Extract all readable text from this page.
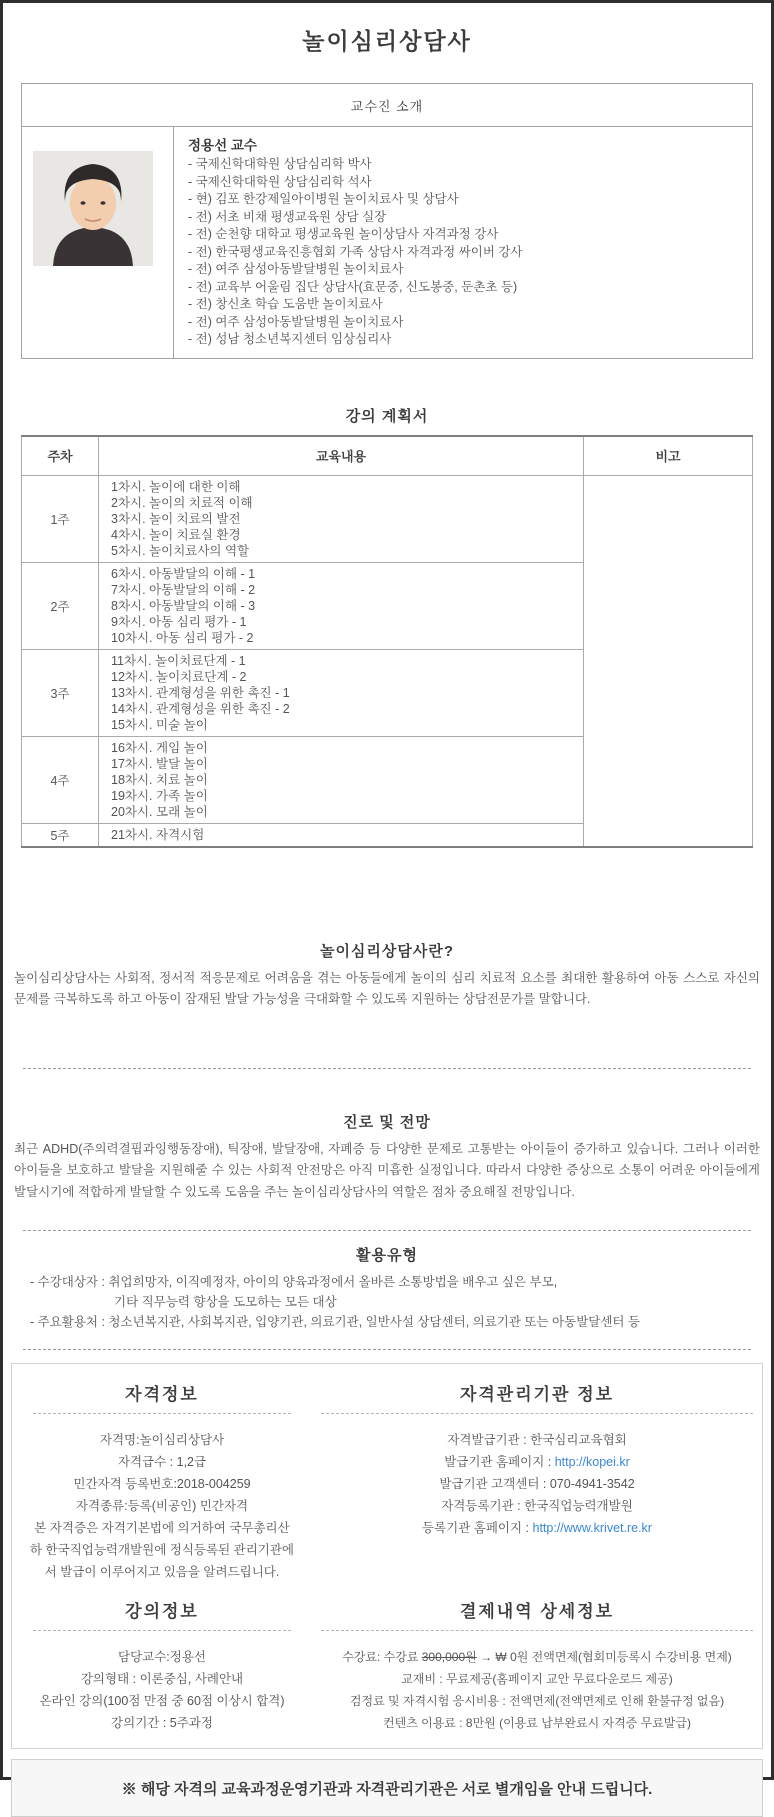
놀이심리상담사
교수진 소개

정용선 교수
- 국제신학대학원 상담심리학 박사
- 국제신학대학원 상담심리학 석사
- 현) 김포 한강제일아이병원 놀이치료사 및 상담사
- 전) 서초 비채 평생교육원 상담 실장
- 전) 순천향 대학교 평생교육원 놀이상담사 자격과정 강사
- 전) 한국평생교육진흥협회 가족 상담사 자격과정 싸이버 강사
- 전) 여주 삼성아동발달병원 놀이치료사
- 전) 교육부 어울림 집단 상담사(효문중, 신도봉중, 둔촌초 등)
- 전) 창신초 학습 도움반 놀이치료사
- 전) 여주 삼성아동발달병원 놀이치료사
- 전) 성남 청소년복지센터 임상심리사
강의 계획서
주차	교육내용	비고
1주	1차시. 놀이에 대한 이해
2차시. 놀이의 치료적 이해
3차시. 놀이 치료의 발전
4차시. 놀이 치료실 환경
5차시. 놀이치료사의 역할	

2주	6차시. 아동발달의 이해 - 1
7차시. 아동발달의 이해 - 2
8차시. 아동발달의 이해 - 3
9차시. 아동 심리 평가 - 1
10차시. 아동 심리 평가 - 2	

3주	11차시. 놀이치료단계 - 1
12차시. 놀이치료단계 - 2
13차시. 관계형성을 위한 촉진 - 1
14차시. 관계형성을 위한 촉진 - 2
15차시. 미술 놀이	

4주	16차시. 게임 놀이
17차시. 발달 놀이
18차시. 치료 놀이
19차시. 가족 놀이
20차시. 모래 놀이	

5주	21차시. 자격시험	
놀이심리상담사란?
놀이심리상담사는 사회적, 정서적 적응문제로 어려움을 겪는 아동들에게 놀이의 심리 치료적 요소를 최대한 활용하여 아동 스스로 자신의 문제를 극복하도록 하고 아동이 잠재된 발달 가능성을 극대화할 수 있도록 지원하는 상담전문가를 말합니다.
진로 및 전망
최근 ADHD(주의력결핍과잉행동장애), 틱장애, 발달장애, 자폐증 등 다양한 문제로 고통받는 아이들이 증가하고 있습니다. 그러나 이러한 아이들을 보호하고 발달을 지원해줄 수 있는 사회적 안전망은 아직 미흡한 실정입니다. 따라서 다양한 증상으로 소통이 어려운 아이들에게 발달시기에 적합하게 발달할 수 있도록 도움을 주는 놀이심리상담사의 역할은 점차 중요해질 전망입니다.
활용유형
- 수강대상자 : 취업희망자, 이직예정자, 아이의 양육과정에서 올바른 소통방법을 배우고 싶은 부모,
기타 직무능력 향상을 도모하는 모든 대상
- 주요활용처 : 청소년복지관, 사회복지관, 입양기관, 의료기관, 일반사설 상담센터, 의료기관 또는 아동발달센터 등
자격정보
자격명:놀이심리상담사
자격급수 : 1,2급
민간자격 등록번호:2018-004259
자격종류:등록(비공인) 민간자격
본 자격증은 자격기본법에 의거하여 국무총리산
하 한국직업능력개발원에 정식등록된 관리기관에
서 발급이 이루어지고 있음을 알려드립니다.
자격관리기관 정보
자격발급기관 : 한국심리교육협회
발급기관 홈페이지 : http://kopei.kr
발급기관 고객센터 : 070-4941-3542
자격등록기관 : 한국직업능력개발원
등록기관 홈페이지 : http://www.krivet.re.kr
강의정보
담당교수:정용선
강의형태 : 이론중심, 사례안내
온라인 강의(100점 만점 중 60점 이상시 합격)
강의기간 : 5주과정
결제내역 상세정보
수강료: 수강료 300,000원 → ₩ 0원 전액면제(협회미등록시 수강비용 면제)
교재비 : 무료제공(홈페이지 교안 무료다운로드 제공)
검정료 및 자격시험 응시비용 : 전액면제(전액면제로 인해 환불규정 없음)
컨텐츠 이용료 : 8만원 (이용료 납부완료시 자격증 무료발급)
※ 해당 자격의 교육과정운영기관과 자격관리기관은 서로 별개임을 안내 드립니다.
